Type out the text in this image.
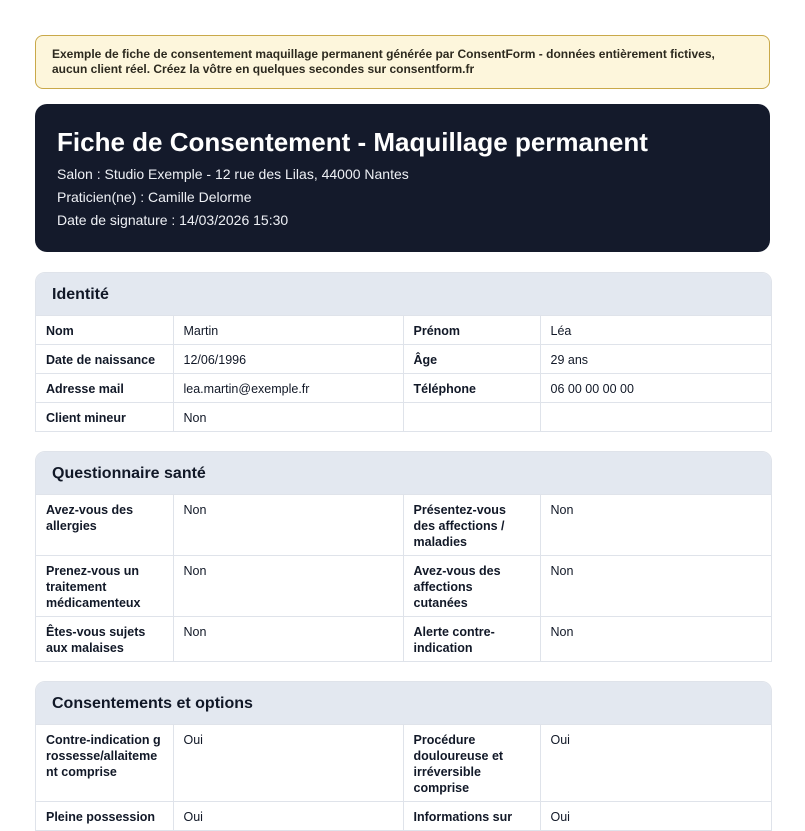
Exemple de fiche de consentement maquillage permanent générée par ConsentForm - données entièrement fictives, aucun client réel. Créez la vôtre en quelques secondes sur consentform.fr
Fiche de Consentement - Maquillage permanent
Salon : Studio Exemple - 12 rue des Lilas, 44000 Nantes
Praticien(ne) : Camille Delorme
Date de signature : 14/03/2026 15:30
Identité
Nom	Martin	Prénom	Léa
Date de naissance	12/06/1996	Âge	29 ans
Adresse mail	lea.martin@exemple.fr	Téléphone	06 00 00 00 00
Client mineur	Non		
Questionnaire santé
Avez-vous des allergies	Non	Présentez-vous des affections / maladies	Non
Prenez-vous un traitement médicamenteux	Non	Avez-vous des affections cutanées	Non
Êtes-vous sujets aux malaises	Non	Alerte contre-indication	Non
Consentements et options
Contre-indication grossesse/allaitement comprise	Oui	Procédure douloureuse et irréversible comprise	Oui
Pleine possession	Oui	Informations sur	Oui
